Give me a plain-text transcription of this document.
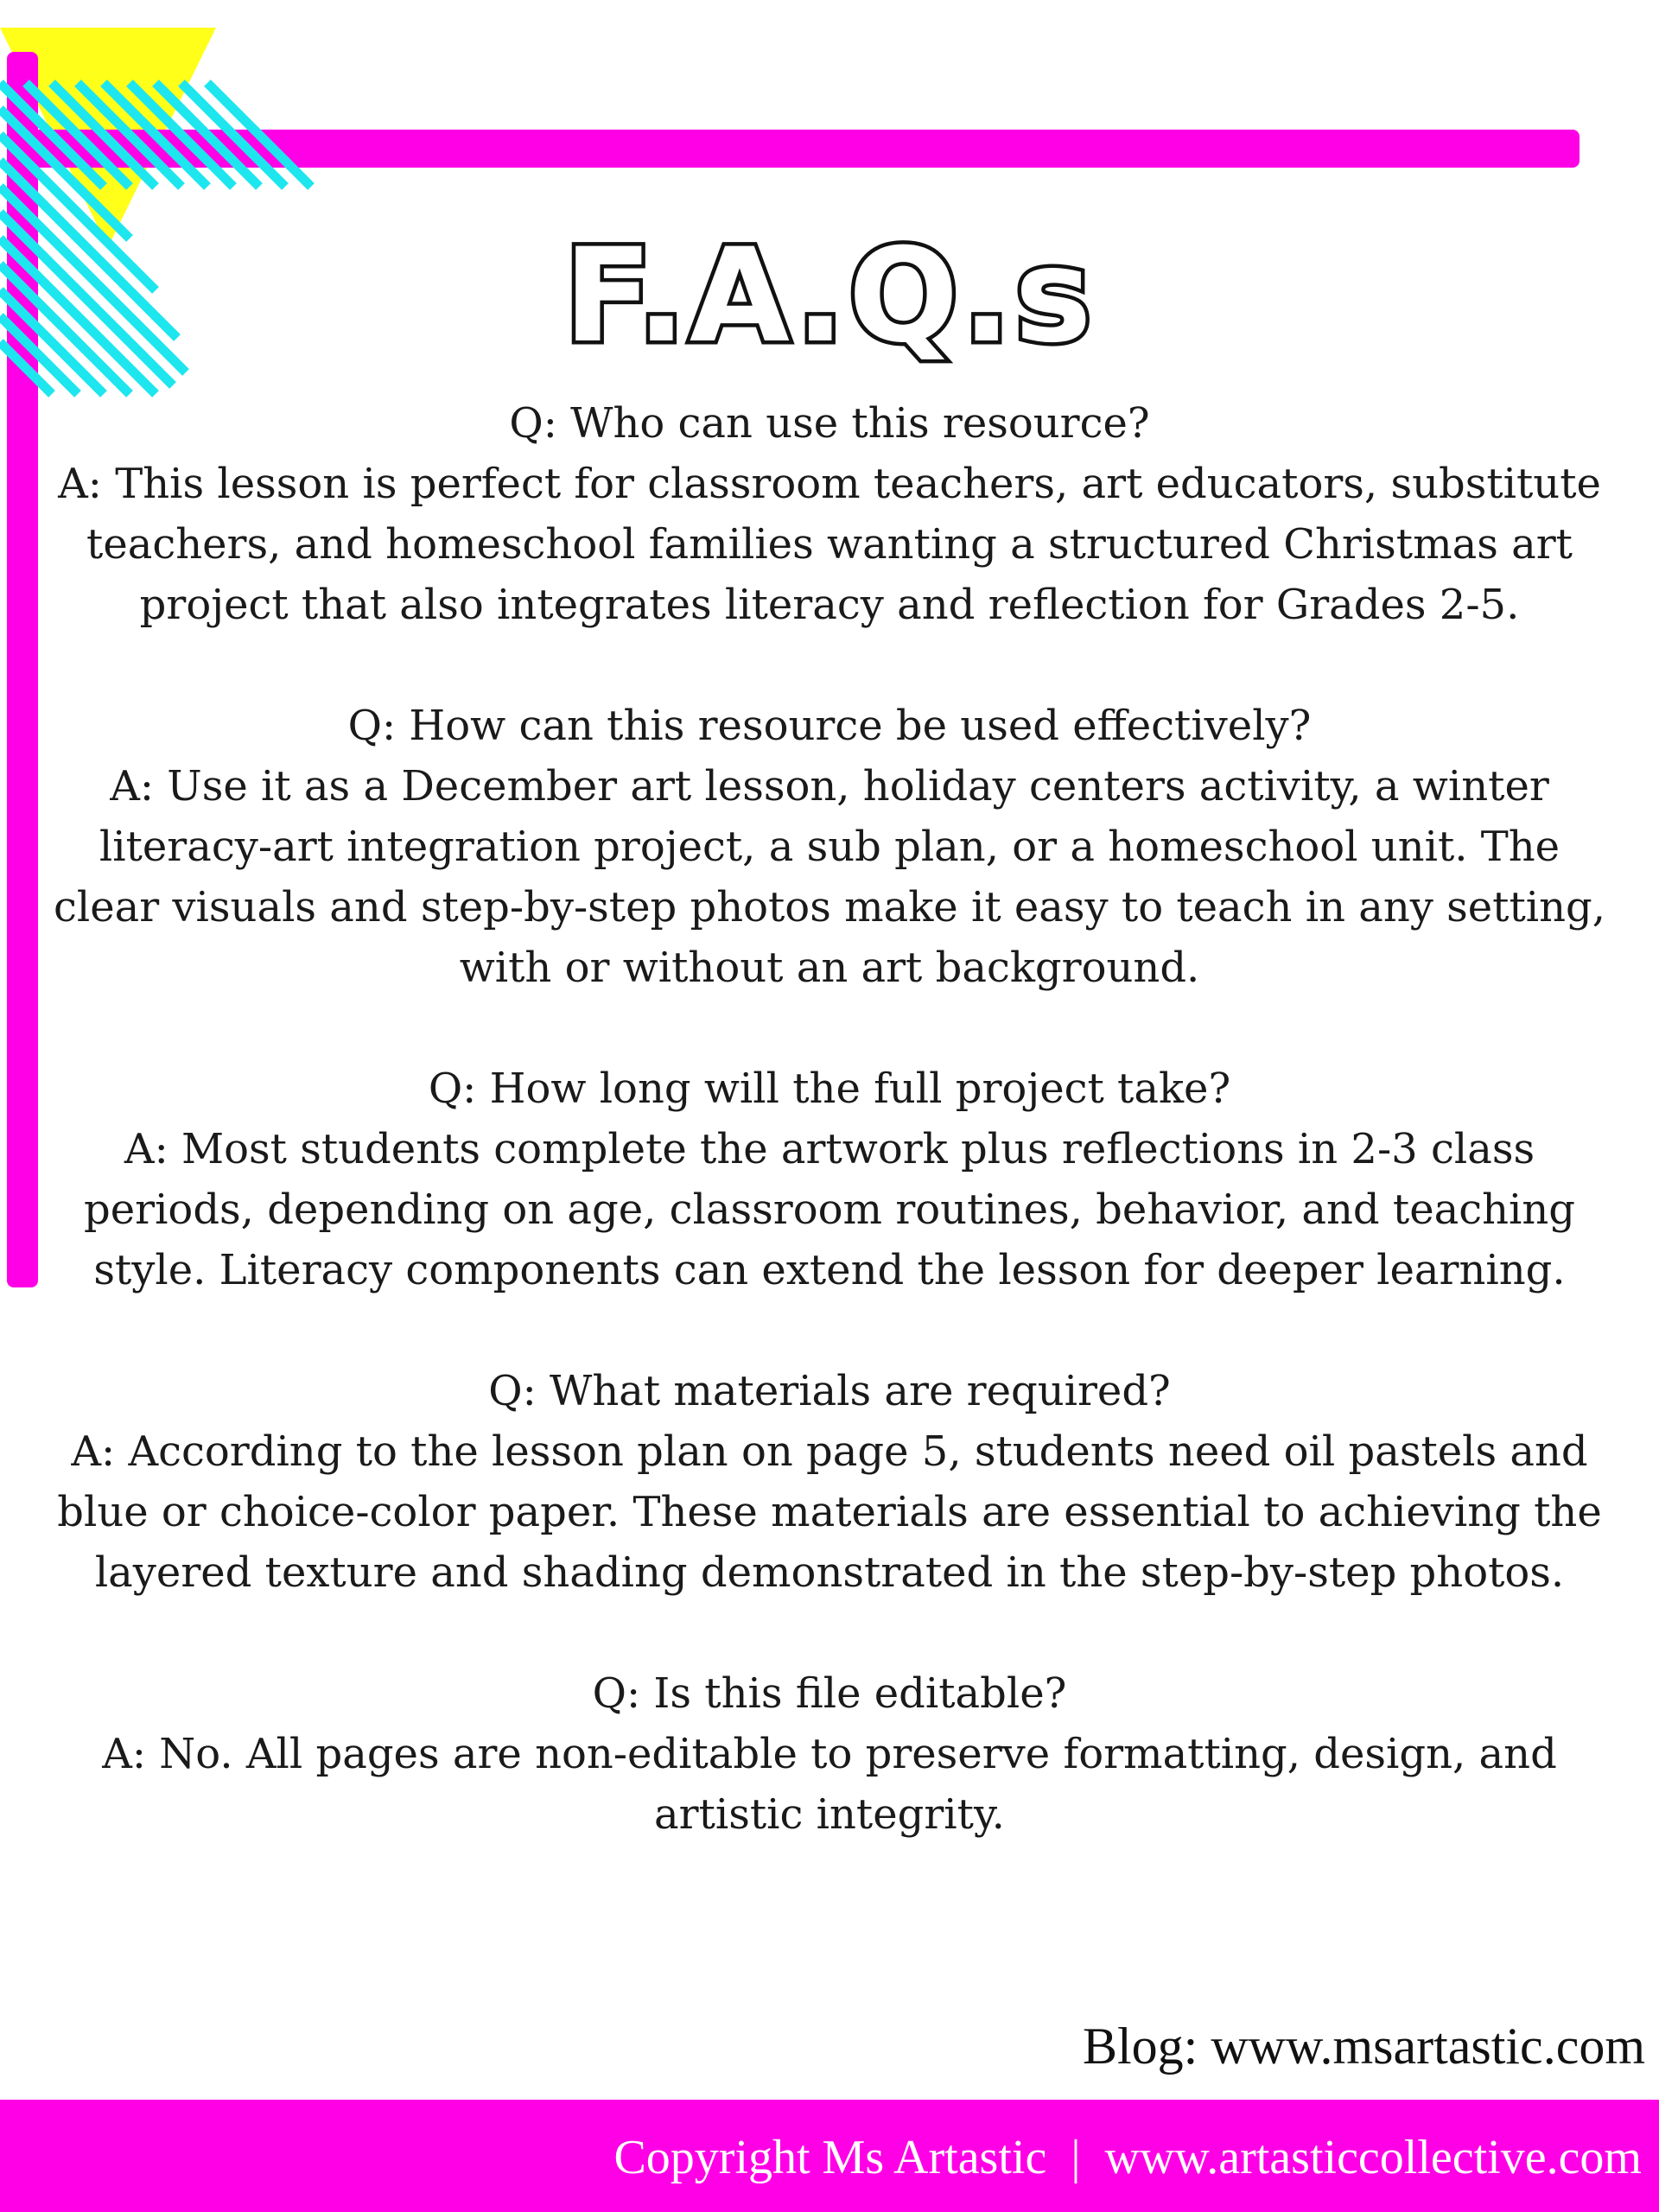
F.A.Q.s

Q: Who can use this resource?

A: This lesson is perfect for classroom teachers, art educators, substitute teachers, and homeschool families wanting a structured Christmas art project that also integrates literacy and reflection for Grades 2-5.

Q: How can this resource be used effectively?

A: Use it as a December art lesson, holiday centers activity, a winter literacy-art integration project, a sub plan, or a homeschool unit. The clear visuals and step-by-step photos make it easy to teach in any setting, with or without an art background.

Q: How long will the full project take?

A: Most students complete the artwork plus reflections in 2-3 class periods, depending on age, classroom routines, behavior, and teaching style. Literacy components can extend the lesson for deeper learning.

Q: What materials are required?

A: According to the lesson plan on page 5, students need oil pastels and blue or choice-color paper. These materials are essential to achieving the layered texture and shading demonstrated in the step-by-step photos.

Q: Is this file editable?

A: No. All pages are non-editable to preserve formatting, design, and artistic integrity.

Blog: www.msartastic.com

Copyright Ms Artastic | www.artasticcollective.com
